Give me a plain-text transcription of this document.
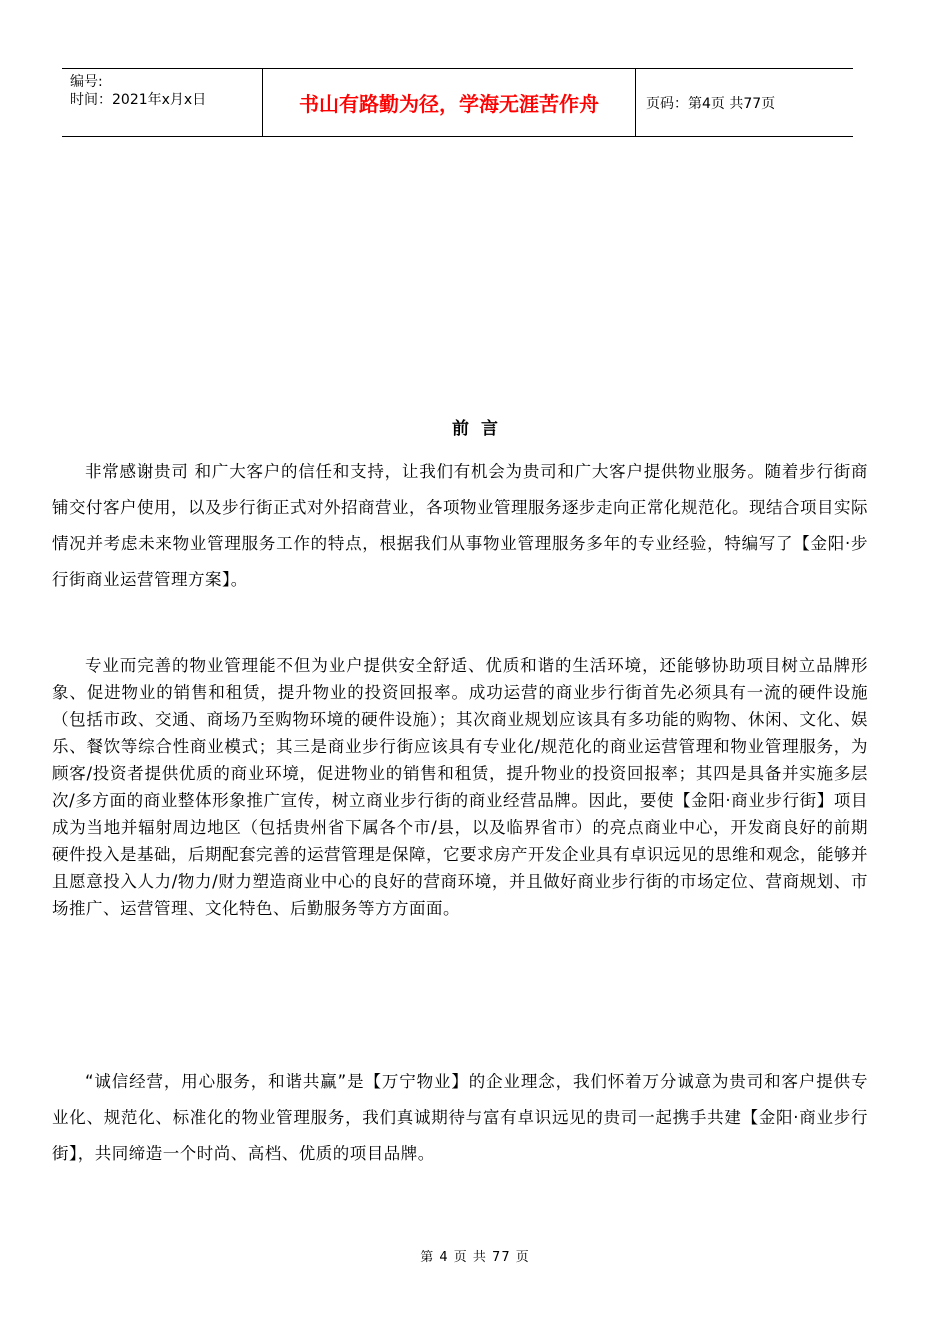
编号:
时间：2021年x月x日	书山有路勤为径，学海无涯苦作舟	页码：第4页 共77页
前言

非常感谢贵司 和广大客户的信任和支持，让我们有机会为贵司和广大客户提供物业服务。随着步行街商铺交付客户使用，以及步行街正式对外招商营业，各项物业管理服务逐步走向正常化规范化。现结合项目实际情况并考虑未来物业管理服务工作的特点，根据我们从事物业管理服务多年的专业经验，特编写了【金阳·步行街商业运营管理方案】。

专业而完善的物业管理能不但为业户提供安全舒适、优质和谐的生活环境，还能够协助项目树立品牌形象、促进物业的销售和租赁，提升物业的投资回报率。成功运营的商业步行街首先必须具有一流的硬件设施（包括市政、交通、商场乃至购物环境的硬件设施）；其次商业规划应该具有多功能的购物、休闲、文化、娱乐、餐饮等综合性商业模式；其三是商业步行街应该具有专业化/规范化的商业运营管理和物业管理服务，为顾客/投资者提供优质的商业环境，促进物业的销售和租赁，提升物业的投资回报率；其四是具备并实施多层次/多方面的商业整体形象推广宣传，树立商业步行街的商业经营品牌。因此，要使【金阳·商业步行街】项目成为当地并辐射周边地区（包括贵州省下属各个市/县，以及临界省市）的亮点商业中心，开发商良好的前期硬件投入是基础，后期配套完善的运营管理是保障，它要求房产开发企业具有卓识远见的思维和观念，能够并且愿意投入人力/物力/财力塑造商业中心的良好的营商环境，并且做好商业步行街的市场定位、营商规划、市场推广、运营管理、文化特色、后勤服务等方方面面。

“诚信经营，用心服务，和谐共赢”是【万宁物业】的企业理念，我们怀着万分诚意为贵司和客户提供专业化、规范化、标准化的物业管理服务，我们真诚期待与富有卓识远见的贵司一起携手共建【金阳·商业步行街】，共同缔造一个时尚、高档、优质的项目品牌。

第 4 页 共 77 页
